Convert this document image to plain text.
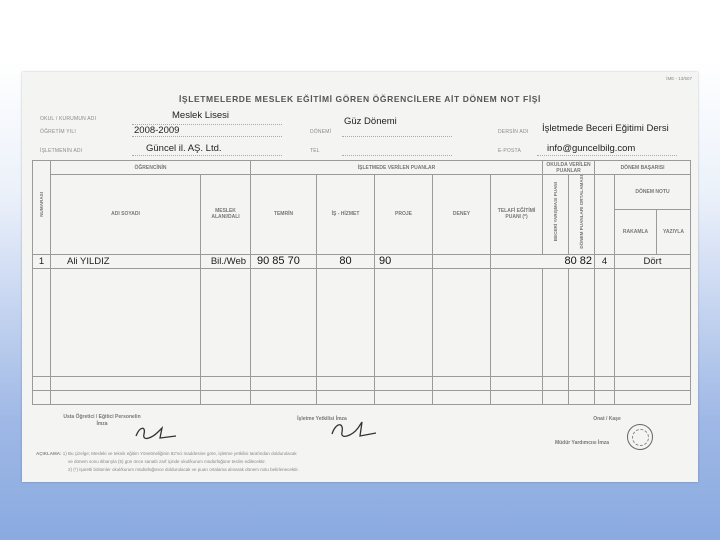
İME - 13/607
İŞLETMELERDE MESLEK EĞİTİMİ GÖREN ÖĞRENCİLERE AİT DÖNEM NOT FİŞİ
OKUL / KURUMUN ADI	Meslek Lisesi
ÖĞRETİM YILI	2008-2009
İŞLETMENİN ADI	Güncel il. AŞ. Ltd.
DÖNEMİ
Güz Dönemi
TEL
DERSİN ADI İşletmede Beceri Eğitimi Dersi
E-POSTA	info@guncelbilg.com
NUMARASI	ÖĞRENCİNİN		İŞLETMEDE VERİLEN PUANLAR					OKULDA VERİLEN PUANLAR		DÖNEM BAŞARISI		
	ADI SOYADI	MESLEK ALANI/DALI	TEMRİN	İŞ - HİZMET	PROJE	DENEY	TELAFİ EĞİTİMİ PUANI (*)	BECERİ YARIŞMASI PUANI	DÖNEM PUANLARI ORTALAMASI		DÖNEM NOTU	
											RAKAMLA	YAZIYLA
1	Ali YILDIZ	Bil./Web	90 85 70	80	90		80 82			4	Dört	

Usta Öğretici / Eğitici Personelin İmza
İşletme Yetkilisi İmza	Onat / Kaşe
Müdür Yardımcısı İmza
AÇIKLAMA: 1) Bu çizelge; Mesleki ve teknik eğitim Yönetmeliğinin 82'nci maddesine göre, işletme yetkilisi tarafından doldurulacak
ve dönem sonu itibarıyla (5) gün önce sanatlı zarf içinde okul/kurum müdürlüğüne teslim edilecektir.
2) (*) işaretli bölümler okul/kurum müdürlüğünce doldurulacak ve puan ortalama alınarak dönem notu belirlenecektir.
